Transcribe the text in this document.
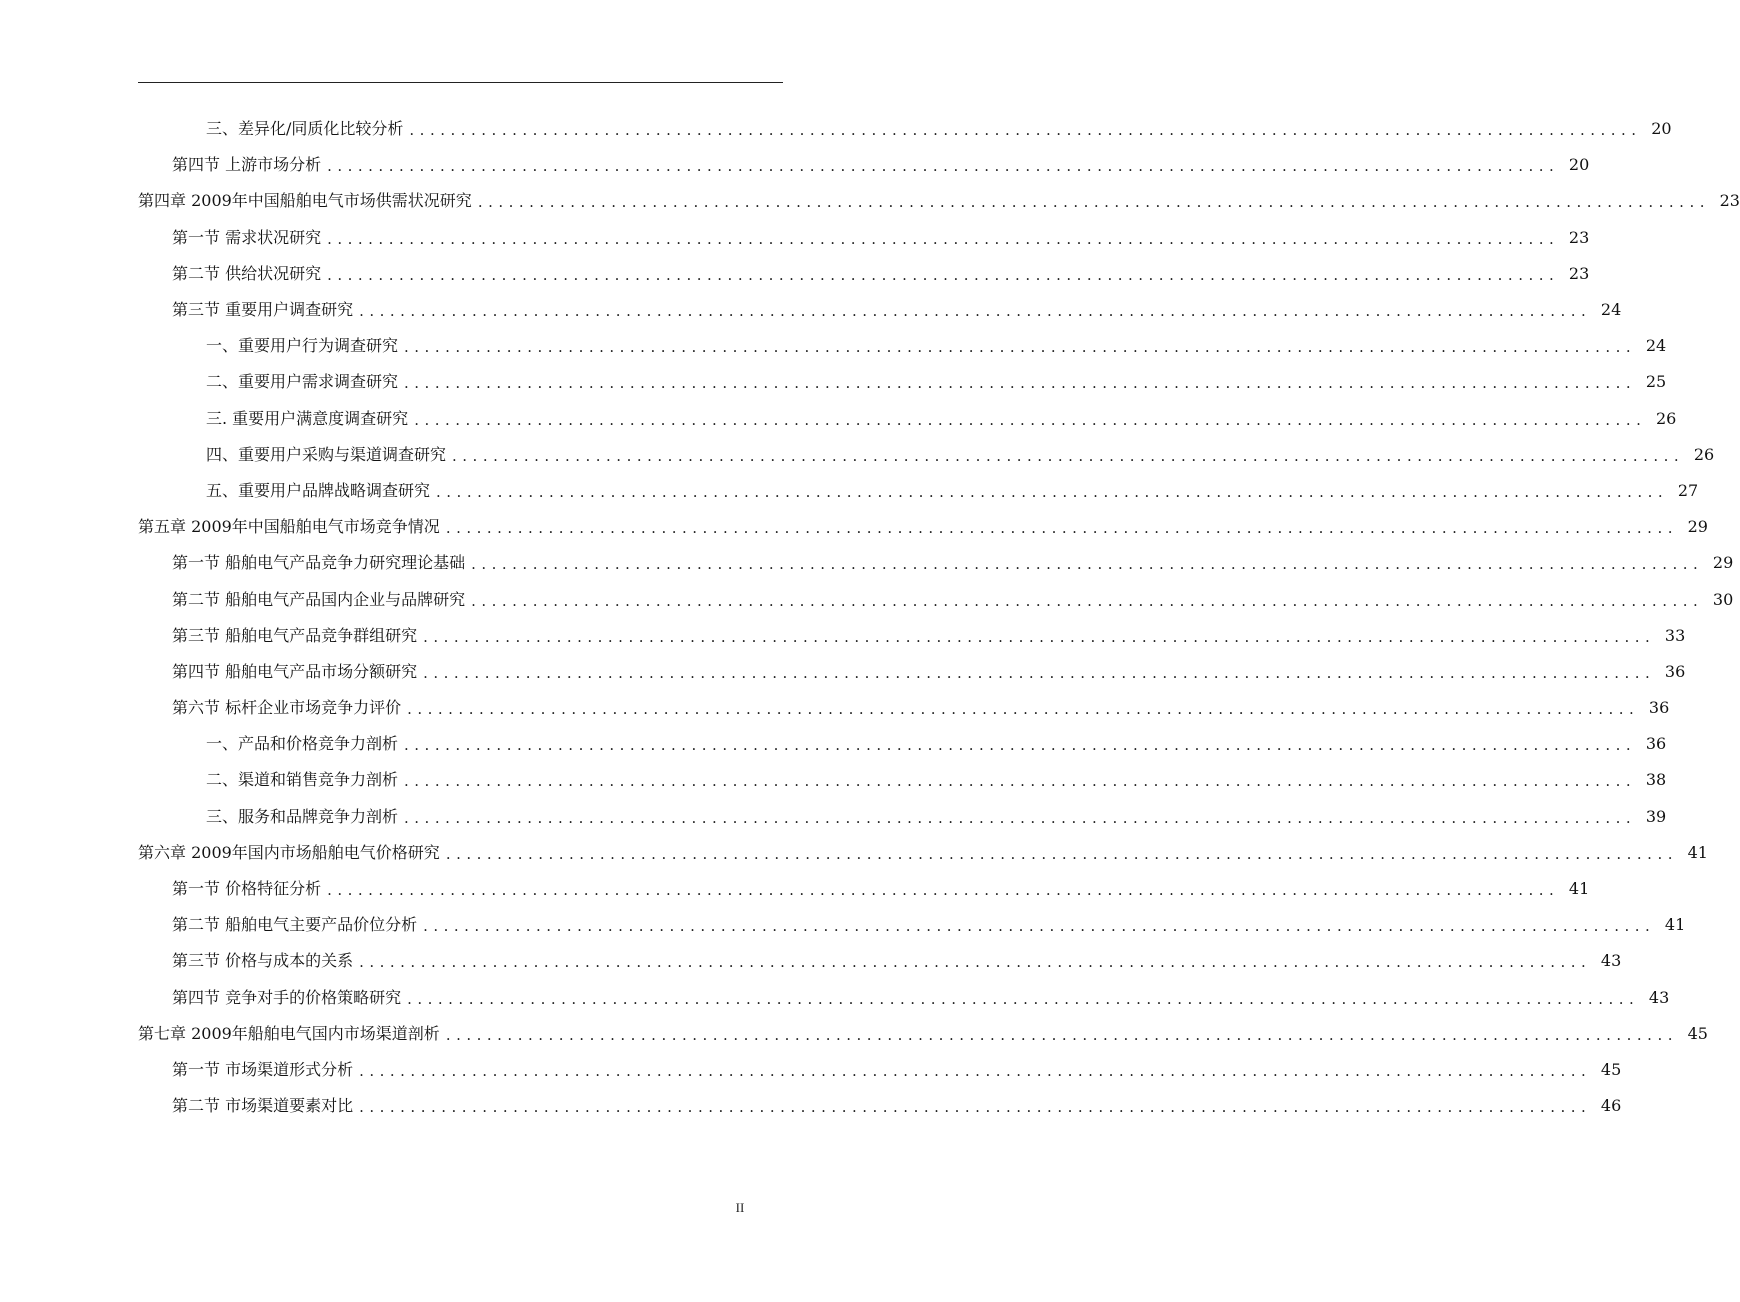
三、差异化/同质化比较分析 ........................................................................................................................ 20
第四节 上游市场分析 ........................................................................................................................ 20
第四章 2009年中国船舶电气市场供需状况研究 ........................................................................................................................ 23
第一节 需求状况研究 ........................................................................................................................ 23
第二节 供给状况研究 ........................................................................................................................ 23
第三节 重要用户调查研究 ........................................................................................................................ 24
一、重要用户行为调查研究 ........................................................................................................................ 24
二、重要用户需求调查研究 ........................................................................................................................ 25
三. 重要用户满意度调查研究 ........................................................................................................................ 26
四、重要用户采购与渠道调查研究 ........................................................................................................................ 26
五、重要用户品牌战略调查研究 ........................................................................................................................ 27
第五章 2009年中国船舶电气市场竞争情况 ........................................................................................................................ 29
第一节 船舶电气产品竞争力研究理论基础 ........................................................................................................................ 29
第二节 船舶电气产品国内企业与品牌研究 ........................................................................................................................ 30
第三节 船舶电气产品竞争群组研究 ........................................................................................................................ 33
第四节 船舶电气产品市场分额研究 ........................................................................................................................ 36
第六节 标杆企业市场竞争力评价 ........................................................................................................................ 36
一、产品和价格竞争力剖析 ........................................................................................................................ 36
二、渠道和销售竞争力剖析 ........................................................................................................................ 38
三、服务和品牌竞争力剖析 ........................................................................................................................ 39
第六章 2009年国内市场船舶电气价格研究 ........................................................................................................................ 41
第一节 价格特征分析 ........................................................................................................................ 41
第二节 船舶电气主要产品价位分析 ........................................................................................................................ 41
第三节 价格与成本的关系 ........................................................................................................................ 43
第四节 竞争对手的价格策略研究 ........................................................................................................................ 43
第七章 2009年船舶电气国内市场渠道剖析 ........................................................................................................................ 45
第一节 市场渠道形式分析 ........................................................................................................................ 45
第二节 市场渠道要素对比 ........................................................................................................................ 46
II
